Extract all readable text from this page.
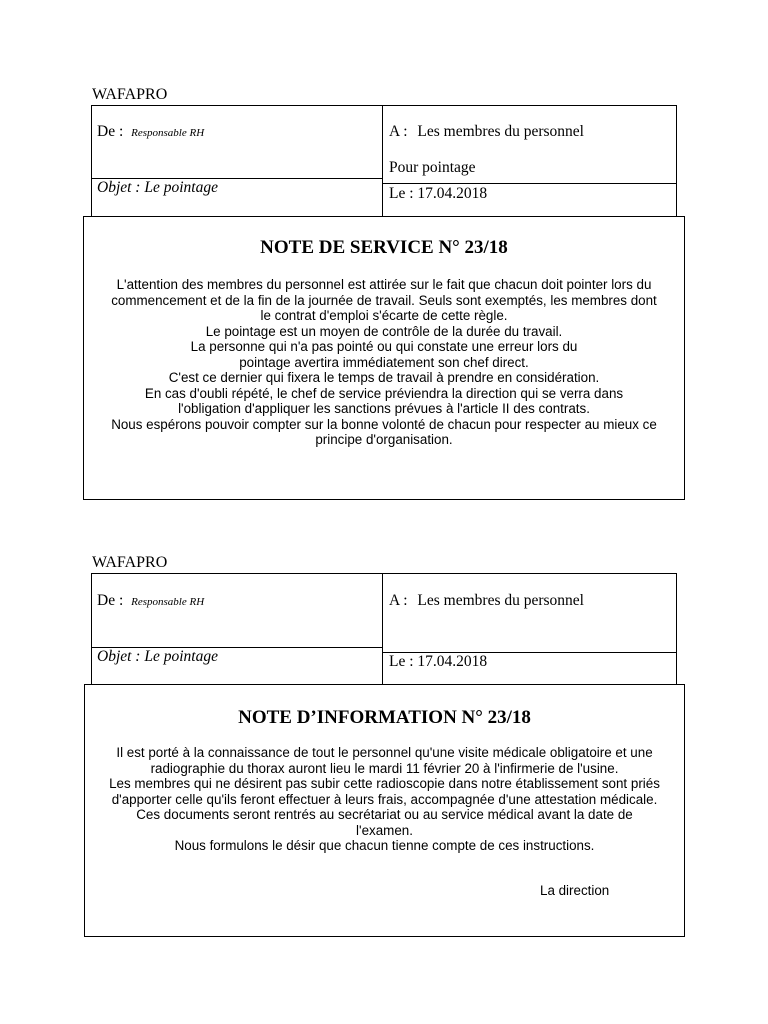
WAFAPRO
De : Responsable RH	A : Les membres du personnel
Pour pointage
Objet : Le pointage	Le : 17.04.2018
NOTE DE SERVICE N° 23/18
L'attention des membres du personnel est attirée sur le fait que chacun doit pointer lors du
commencement et de la fin de la journée de travail. Seuls sont exemptés, les membres dont
le contrat d'emploi s'écarte de cette règle.
Le pointage est un moyen de contrôle de la durée du travail.
La personne qui n'a pas pointé ou qui constate une erreur lors du
pointage avertira immédiatement son chef direct.
C'est ce dernier qui fixera le temps de travail à prendre en considération.
En cas d'oubli répété, le chef de service préviendra la direction qui se verra dans
l'obligation d'appliquer les sanctions prévues à l'article II des contrats.
Nous espérons pouvoir compter sur la bonne volonté de chacun pour respecter au mieux ce
principe d'organisation.
WAFAPRO
De : Responsable RH	A : Les membres du personnel
Objet : Le pointage	Le : 17.04.2018
NOTE D’INFORMATION N° 23/18
Il est porté à la connaissance de tout le personnel qu'une visite médicale obligatoire et une
radiographie du thorax auront lieu le mardi 11 février 20 à l'infirmerie de l'usine.
Les membres qui ne désirent pas subir cette radioscopie dans notre établissement sont priés
d'apporter celle qu'ils feront effectuer à leurs frais, accompagnée d'une attestation médicale.
Ces documents seront rentrés au secrétariat ou au service médical avant la date de
l'examen.
Nous formulons le désir que chacun tienne compte de ces instructions.
La direction
